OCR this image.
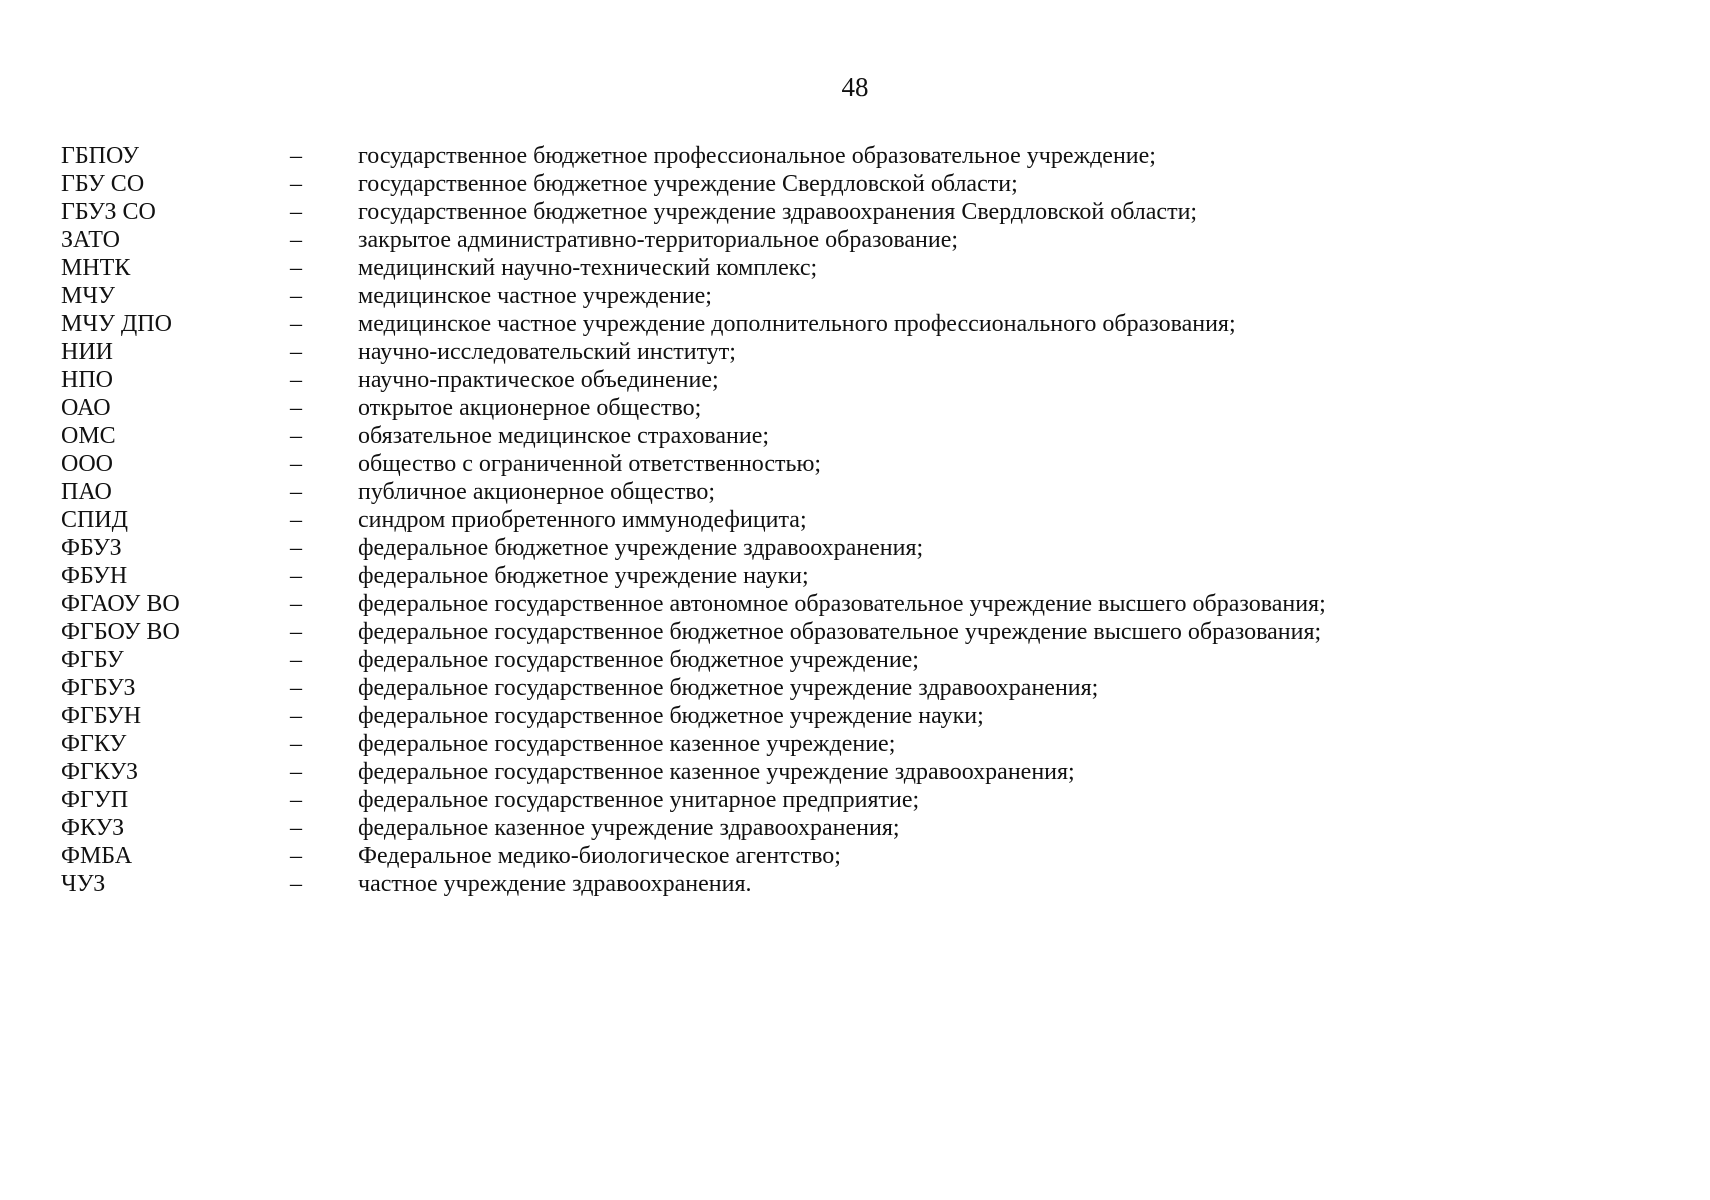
48
ГБПОУ	–	государственное бюджетное профессиональное образовательное учреждение;
ГБУ СО	–	государственное бюджетное учреждение Свердловской области;
ГБУЗ СО	–	государственное бюджетное учреждение здравоохранения Свердловской области;
ЗАТО	–	закрытое административно-территориальное образование;
МНТК	–	медицинский научно-технический комплекс;
МЧУ	–	медицинское частное учреждение;
МЧУ ДПО	–	медицинское частное учреждение дополнительного профессионального образования;
НИИ	–	научно-исследовательский институт;
НПО	–	научно-практическое объединение;
ОАО	–	открытое акционерное общество;
ОМС	–	обязательное медицинское страхование;
ООО	–	общество с ограниченной ответственностью;
ПАО	–	публичное акционерное общество;
СПИД	–	синдром приобретенного иммунодефицита;
ФБУЗ	–	федеральное бюджетное учреждение здравоохранения;
ФБУН	–	федеральное бюджетное учреждение науки;
ФГАОУ ВО	–	федеральное государственное автономное образовательное учреждение высшего образования;
ФГБОУ ВО	–	федеральное государственное бюджетное образовательное учреждение высшего образования;
ФГБУ	–	федеральное государственное бюджетное учреждение;
ФГБУЗ	–	федеральное государственное бюджетное учреждение здравоохранения;
ФГБУН	–	федеральное государственное бюджетное учреждение науки;
ФГКУ	–	федеральное государственное казенное учреждение;
ФГКУЗ	–	федеральное государственное казенное учреждение здравоохранения;
ФГУП	–	федеральное государственное унитарное предприятие;
ФКУЗ	–	федеральное казенное учреждение здравоохранения;
ФМБА	–	Федеральное медико-биологическое агентство;
ЧУЗ	–	частное учреждение здравоохранения.
